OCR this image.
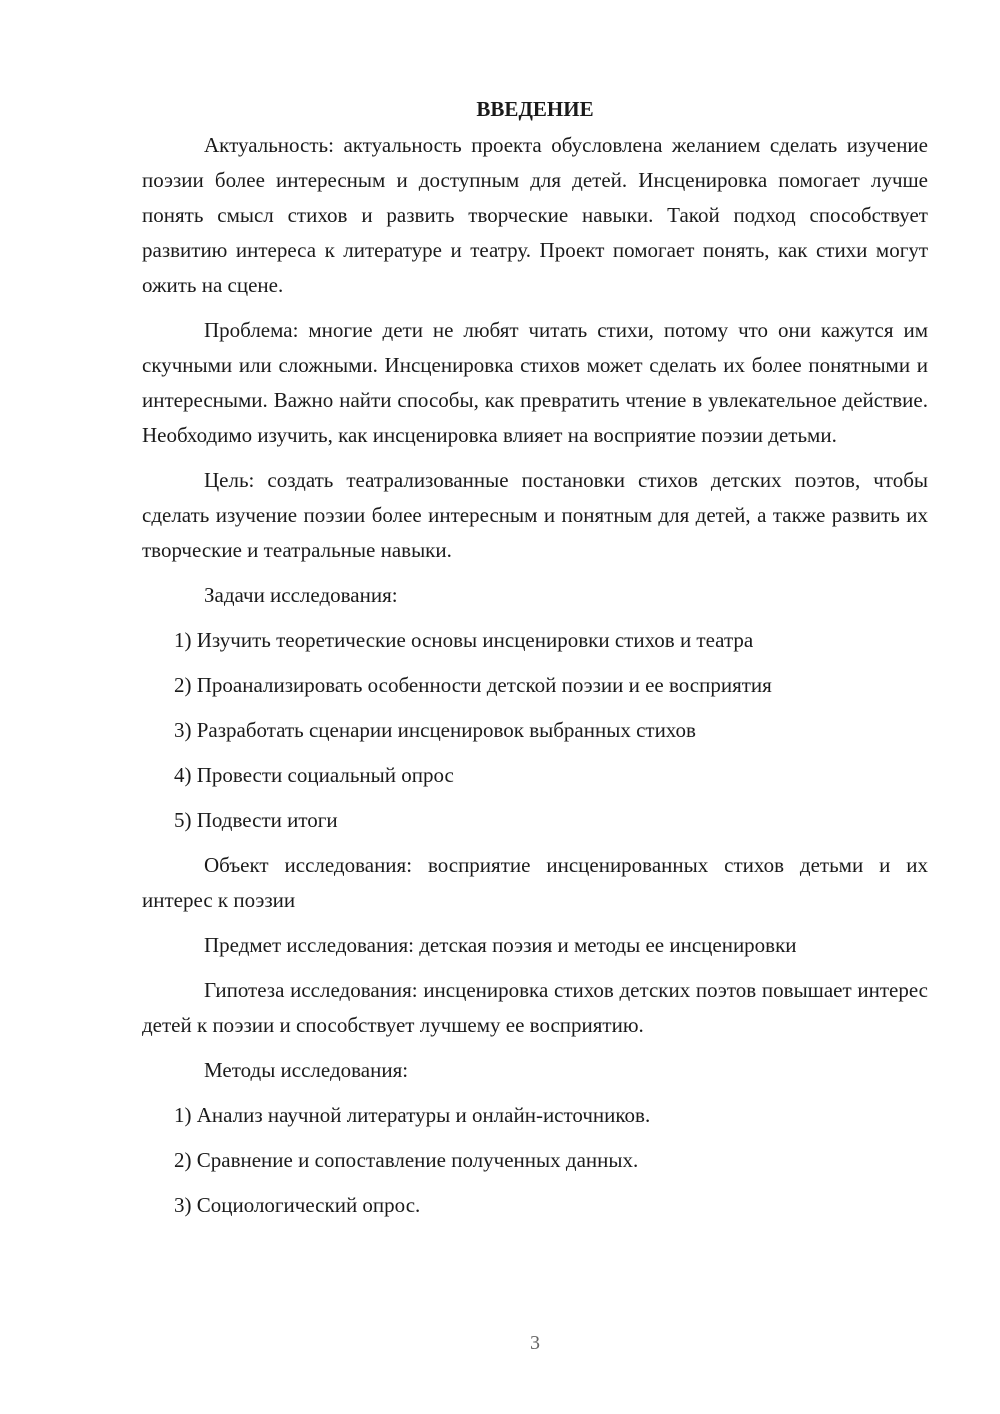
ВВЕДЕНИЕ

Актуальность: актуальность проекта обусловлена желанием сделать изучение поэзии более интересным и доступным для детей. Инсценировка помогает лучше понять смысл стихов и развить творческие навыки. Такой подход способствует развитию интереса к литературе и театру. Проект помогает понять, как стихи могут ожить на сцене.

Проблема: многие дети не любят читать стихи, потому что они кажутся им скучными или сложными. Инсценировка стихов может сделать их более понятными и интересными. Важно найти способы, как превратить чтение в увлекательное действие. Необходимо изучить, как инсценировка влияет на восприятие поэзии детьми.

Цель: создать театрализованные постановки стихов детских поэтов, чтобы сделать изучение поэзии более интересным и понятным для детей, а также развить их творческие и театральные навыки.

Задачи исследования:
1) Изучить теоретические основы инсценировки стихов и театра
2) Проанализировать особенности детской поэзии и ее восприятия
3) Разработать сценарии инсценировок выбранных стихов
4) Провести социальный опрос
5) Подвести итоги

Объект исследования: восприятие инсценированных стихов детьми и их интерес к поэзии

Предмет исследования: детская поэзия и методы ее инсценировки

Гипотеза исследования: инсценировка стихов детских поэтов повышает интерес детей к поэзии и способствует лучшему ее восприятию.

Методы исследования:
1) Анализ научной литературы и онлайн-источников.
2) Сравнение и сопоставление полученных данных.
3) Социологический опрос.
3
